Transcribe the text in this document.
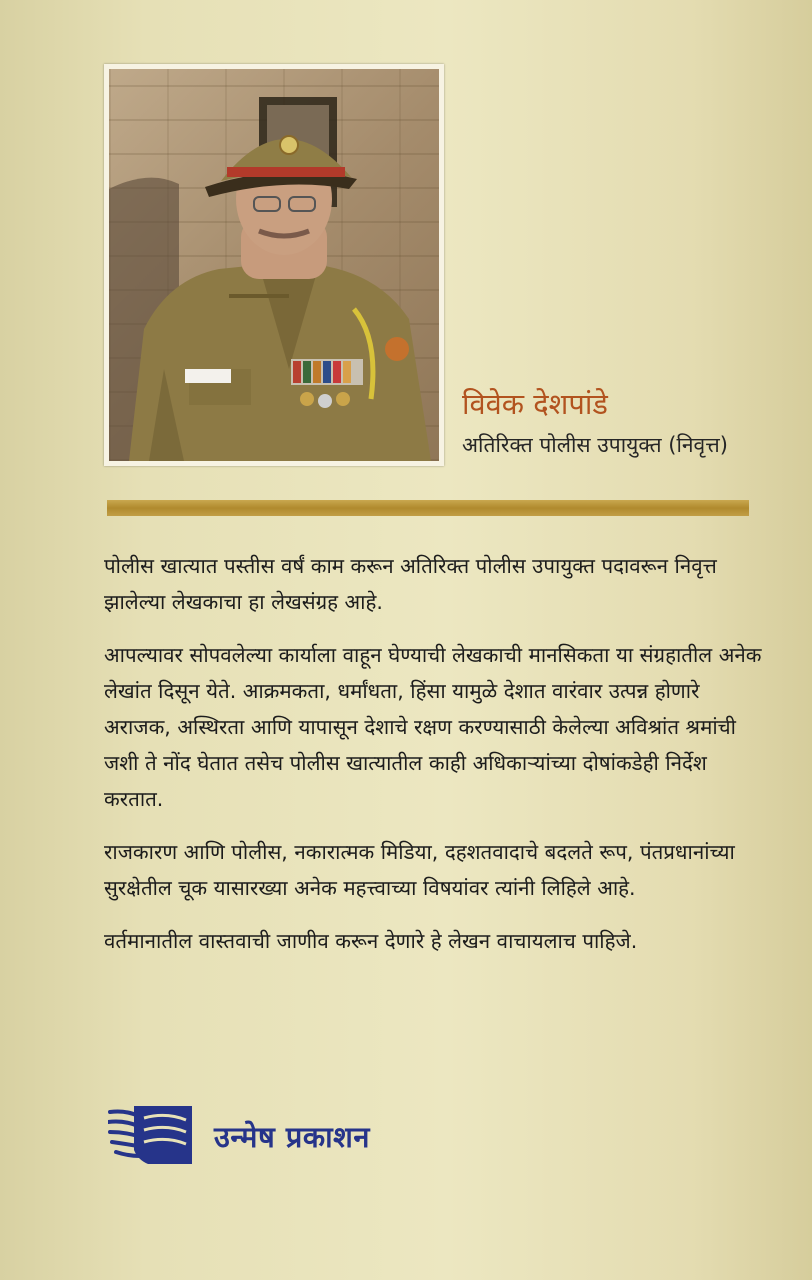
विवेक देशपांडे
अतिरिक्त पोलीस उपायुक्त (निवृत्त)

पोलीस खात्यात पस्तीस वर्षं काम करून अतिरिक्त पोलीस उपायुक्त पदावरून निवृत्त झालेल्या लेखकाचा हा लेखसंग्रह आहे.

आपल्यावर सोपवलेल्या कार्याला वाहून घेण्याची लेखकाची मानसिकता या संग्रहातील अनेक लेखांत दिसून येते. आक्रमकता, धर्मांधता, हिंसा यामुळे देशात वारंवार उत्पन्न होणारे अराजक, अस्थिरता आणि यापासून देशाचे रक्षण करण्यासाठी केलेल्या अविश्रांत श्रमांची जशी ते नोंद घेतात तसेच पोलीस खात्यातील काही अधिकाऱ्यांच्या दोषांकडेही निर्देश करतात.

राजकारण आणि पोलीस, नकारात्मक मिडिया, दहशतवादाचे बदलते रूप, पंतप्रधानांच्या सुरक्षेतील चूक यासारख्या अनेक महत्त्वाच्या विषयांवर त्यांनी लिहिले आहे.

वर्तमानातील वास्तवाची जाणीव करून देणारे हे लेखन वाचायलाच पाहिजे.

उन्मेष प्रकाशन
